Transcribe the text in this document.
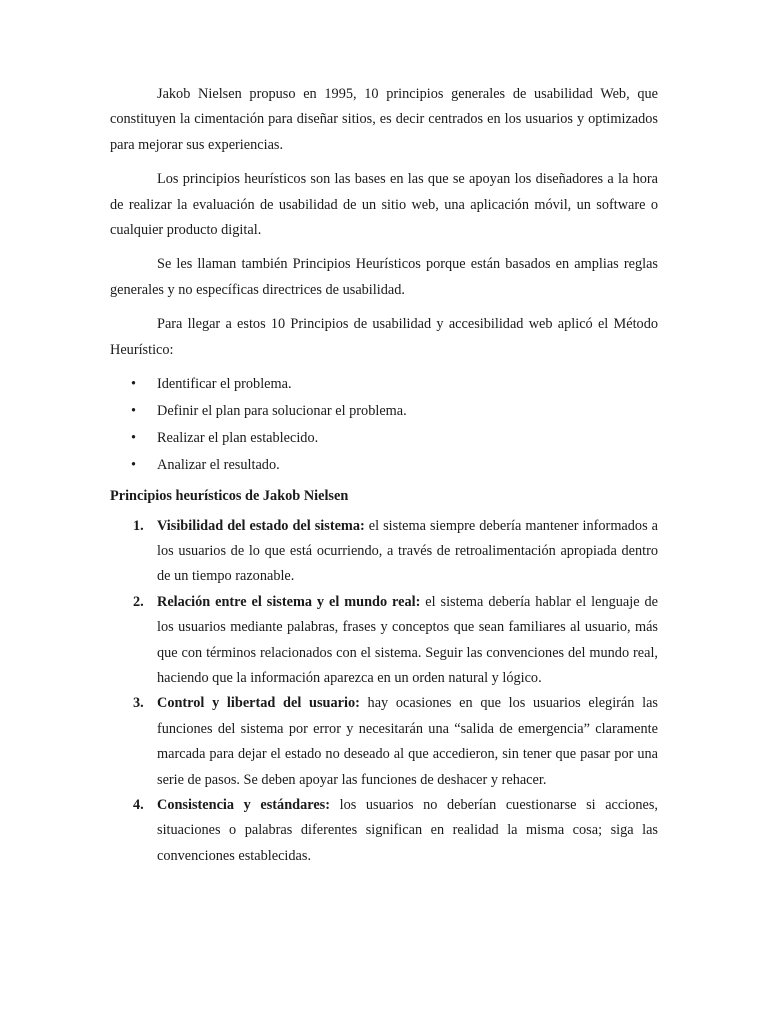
Jakob Nielsen propuso en 1995, 10 principios generales de usabilidad Web, que constituyen la cimentación para diseñar sitios, es decir centrados en los usuarios y optimizados para mejorar sus experiencias.

Los principios heurísticos son las bases en las que se apoyan los diseñadores a la hora de realizar la evaluación de usabilidad de un sitio web, una aplicación móvil, un software o cualquier producto digital.

Se les llaman también Principios Heurísticos porque están basados en amplias reglas generales y no específicas directrices de usabilidad.

Para llegar a estos 10 Principios de usabilidad y accesibilidad web aplicó el Método Heurístico:

• Identificar el problema.
• Definir el plan para solucionar el problema.
• Realizar el plan establecido.
• Analizar el resultado.

Principios heurísticos de Jakob Nielsen

1. Visibilidad del estado del sistema: el sistema siempre debería mantener informados a los usuarios de lo que está ocurriendo, a través de retroalimentación apropiada dentro de un tiempo razonable.
2. Relación entre el sistema y el mundo real: el sistema debería hablar el lenguaje de los usuarios mediante palabras, frases y conceptos que sean familiares al usuario, más que con términos relacionados con el sistema. Seguir las convenciones del mundo real, haciendo que la información aparezca en un orden natural y lógico.
3. Control y libertad del usuario: hay ocasiones en que los usuarios elegirán las funciones del sistema por error y necesitarán una “salida de emergencia” claramente marcada para dejar el estado no deseado al que accedieron, sin tener que pasar por una serie de pasos. Se deben apoyar las funciones de deshacer y rehacer.
4. Consistencia y estándares: los usuarios no deberían cuestionarse si acciones, situaciones o palabras diferentes significan en realidad la misma cosa; siga las convenciones establecidas.
